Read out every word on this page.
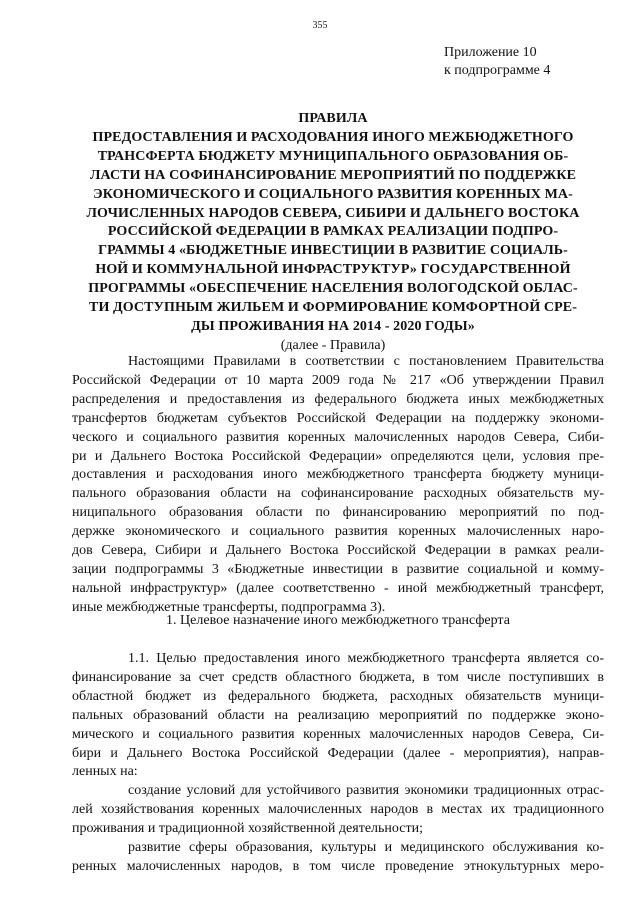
355
Приложение 10
к подпрограмме 4
ПРАВИЛА
ПРЕДОСТАВЛЕНИЯ И РАСХОДОВАНИЯ ИНОГО МЕЖБЮДЖЕТНОГО
ТРАНСФЕРТА БЮДЖЕТУ МУНИЦИПАЛЬНОГО ОБРАЗОВАНИЯ ОБ-
ЛАСТИ НА СОФИНАНСИРОВАНИЕ МЕРОПРИЯТИЙ ПО ПОДДЕРЖКЕ
ЭКОНОМИЧЕСКОГО И СОЦИАЛЬНОГО РАЗВИТИЯ КОРЕННЫХ МА-
ЛОЧИСЛЕННЫХ НАРОДОВ СЕВЕРА, СИБИРИ И ДАЛЬНЕГО ВОСТОКА
РОССИЙСКОЙ ФЕДЕРАЦИИ В РАМКАХ РЕАЛИЗАЦИИ ПОДПРО-
ГРАММЫ 4 «БЮДЖЕТНЫЕ ИНВЕСТИЦИИ В РАЗВИТИЕ СОЦИАЛЬ-
НОЙ И КОММУНАЛЬНОЙ ИНФРАСТРУКТУР» ГОСУДАРСТВЕННОЙ
ПРОГРАММЫ «ОБЕСПЕЧЕНИЕ НАСЕЛЕНИЯ ВОЛОГОДСКОЙ ОБЛАС-
ТИ ДОСТУПНЫМ ЖИЛЬЕМ И ФОРМИРОВАНИЕ КОМФОРТНОЙ СРЕ-
ДЫ ПРОЖИВАНИЯ НА 2014 - 2020 ГОДЫ»
(далее - Правила)
Настоящими Правилами в соответствии с постановлением Правительства
Российской Федерации от 10 марта 2009 года № 217 «Об утверждении Правил
распределения и предоставления из федерального бюджета иных межбюджетных
трансфертов бюджетам субъектов Российской Федерации на поддержку экономи-
ческого и социального развития коренных малочисленных народов Севера, Сиби-
ри и Дальнего Востока Российской Федерации» определяются цели, условия пре-
доставления и расходования иного межбюджетного трансферта бюджету муници-
пального образования области на софинансирование расходных обязательств му-
ниципального образования области по финансированию мероприятий по под-
держке экономического и социального развития коренных малочисленных наро-
дов Севера, Сибири и Дальнего Востока Российской Федерации в рамках реали-
зации подпрограммы 3 «Бюджетные инвестиции в развитие социальной и комму-
нальной инфраструктур» (далее соответственно - иной межбюджетный трансферт,
иные межбюджетные трансферты, подпрограмма 3).
1. Целевое назначение иного межбюджетного трансферта
1.1. Целью предоставления иного межбюджетного трансферта является со-
финансирование за счет средств областного бюджета, в том числе поступивших в
областной бюджет из федерального бюджета, расходных обязательств муници-
пальных образований области на реализацию мероприятий по поддержке эконо-
мического и социального развития коренных малочисленных народов Севера, Си-
бири и Дальнего Востока Российской Федерации (далее - мероприятия), направ-
ленных на:
создание условий для устойчивого развития экономики традиционных отрас-
лей хозяйствования коренных малочисленных народов в местах их традиционного
проживания и традиционной хозяйственной деятельности;
развитие сферы образования, культуры и медицинского обслуживания ко-
ренных малочисленных народов, в том числе проведение этнокультурных меро-
